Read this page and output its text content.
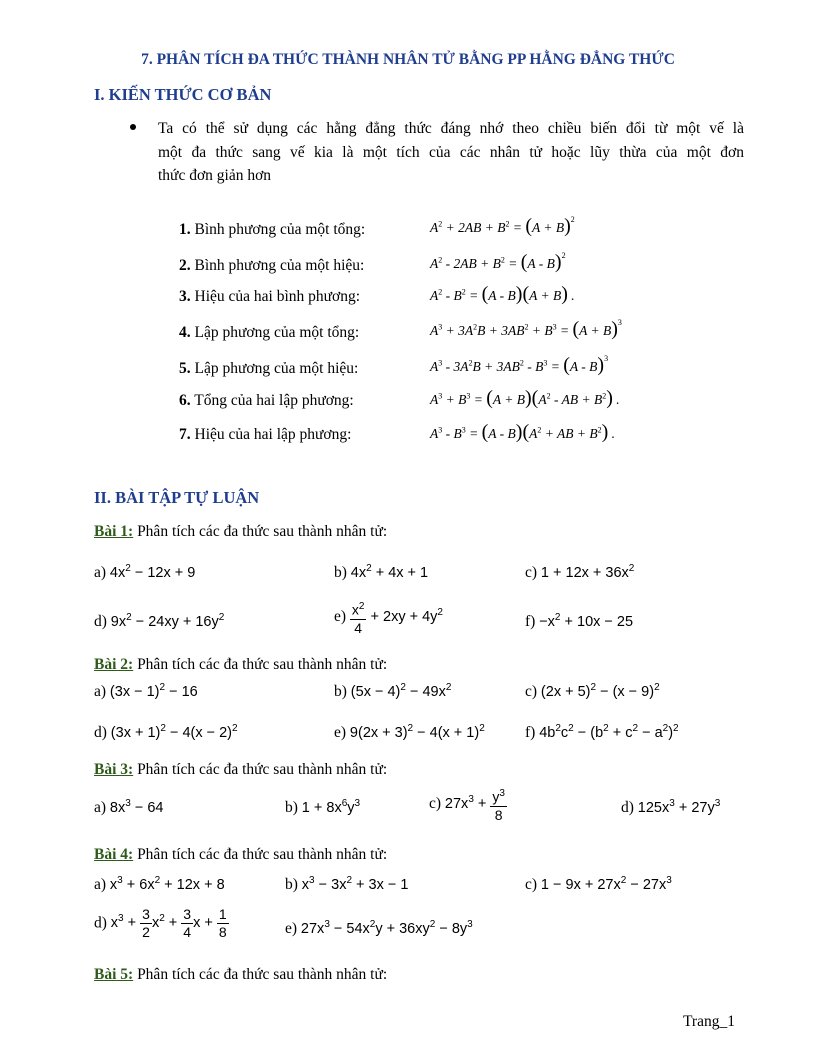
7. PHÂN TÍCH ĐA THỨC THÀNH NHÂN TỬ BẰNG PP HẰNG ĐẲNG THỨC
I. KIẾN THỨC CƠ BẢN
Ta có thể sử dụng các hằng đẳng thức đáng nhớ theo chiều biến đổi từ một vế là
một đa thức sang vế kia là một tích của các nhân tử hoặc lũy thừa của một đơn
thức đơn giản hơn
1. Bình phương của một tổng:	$A^2 + 2AB + B^2 = (A + B)^2$
2. Bình phương của một hiệu:	$A^2 - 2AB + B^2 = (A - B)^2$
3. Hiệu của hai bình phương:	$A^2 - B^2 = (A - B)(A + B)$ .
4. Lập phương của một tổng:	$A^3 + 3A^2B + 3AB^2 + B^3 = (A + B)^3$
5. Lập phương của một hiệu:	$A^3 - 3A^2B + 3AB^2 - B^3 = (A - B)^3$
6. Tổng của hai lập phương:	$A^3 + B^3 = (A + B)(A^2$ - AB + $B^2$) .
7. Hiệu của hai lập phương:	$A^3 - B^3 = (A - B)(A^2$ + AB + $B^2$) .
II. BÀI TẬP TỰ LUẬN
Bài 1: Phân tích các đa thức sau thành nhân tử:
a) $4x^2 - 12x + 9$	b) $4x^2 + 4x + 1$	c) $1 + 12x + 36x^2$
d) $9x^2 - 24xy + 16y^2$	$e) \frac{x^2}{4} + 2xy + 4y^2$	$f) -x^2 + 10x - 25$
Bài 2: Phân tích các đa thức sau thành nhân tử:
a) $(3x - 1)^2 - 16$	b) $(5x - 4)^2 - 49x^2$	c) $(2x + 5)^2 - (x - 9)^2$
d) $(3x + 1)^2 - 4(x - 2)^2$	e) $9(2x + 3)^2 - 4(x + 1)^2$	f) $4b^2c^2 - (b^2 + c^2 - a^2)^2$
Bài 3: Phân tích các đa thức sau thành nhân tử:
a) $8x^3 - 64$	b) $1 + 8x^6y^3$	c) $27x^3 + \frac{y^3}{8}$	d) $125x^3 + 27y^3$
Bài 4: Phân tích các đa thức sau thành nhân tử:
a) $x^3 + 6x^2 + 12x + 8$	b) $x^3 - 3x^2 + 3x - 1$	c) $1 - 9x + 27x^2 - 27x^3$
d) $x^3 + \frac{3}{2} x^2 + \frac{3}{4}$ $x + \frac{1}{8}$	e) $27x^3 - 54x^2y + 36xy^2 - 8y^3$
Bài 5: Phân tích các đa thức sau thành nhân tử:
Trang_1
